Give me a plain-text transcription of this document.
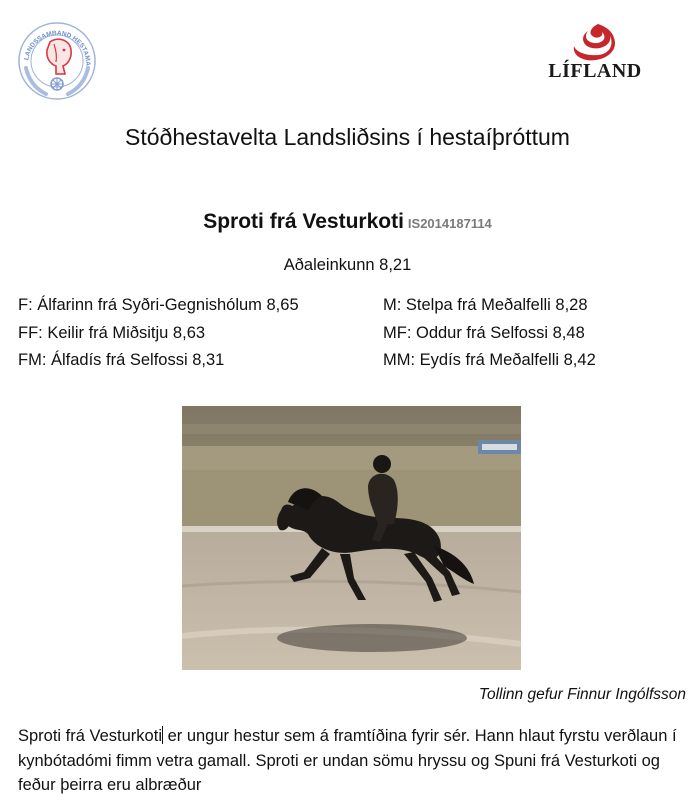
LANDSSAMBAND HESTAMA	LÍFLAND
Stóðhestavelta Landsliðsins í hestaíþróttum
Sproti frá Vesturkoti IS2014187114
Aðaleinkunn 8,21
F: Álfarinn frá Syðri-Gegnishólum 8,65
FF: Keilir frá Miðsitju 8,63
FM: Álfadís frá Selfossi 8,31
M: Stelpa frá Meðalfelli 8,28
MF: Oddur frá Selfossi 8,48
MM: Eydís frá Meðalfelli 8,42
Tollinn gefur Finnur Ingólfsson
Sproti frá Vesturkoti er ungur hestur sem á framtíðina fyrir sér. Hann hlaut fyrstu verðlaun í kynbótadómi fimm vetra gamall. Sproti er undan sömu hryssu og Spuni frá Vesturkoti og feður þeirra eru albræður
